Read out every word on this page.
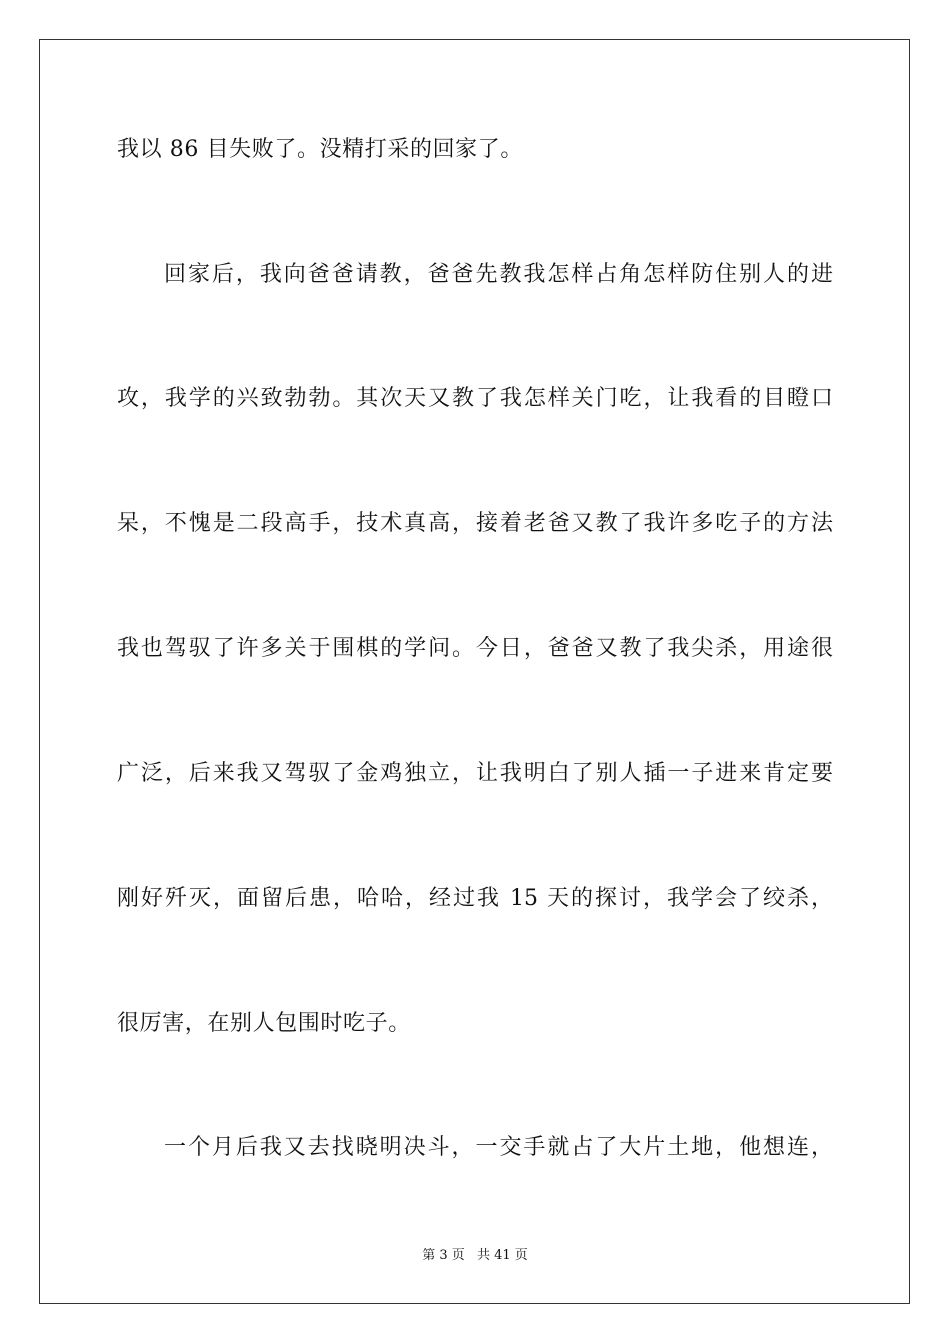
我以 86 目失败了。没精打采的回家了。
回家后，我向爸爸请教，爸爸先教我怎样占角怎样防住别人的进
攻，我学的兴致勃勃。其次天又教了我怎样关门吃，让我看的目瞪口
呆，不愧是二段高手，技术真高，接着老爸又教了我许多吃子的方法
我也驾驭了许多关于围棋的学问。今日，爸爸又教了我尖杀，用途很
广泛，后来我又驾驭了金鸡独立，让我明白了别人插一子进来肯定要
刚好歼灭，面留后患，哈哈，经过我 15 天的探讨，我学会了绞杀，
很厉害，在别人包围时吃子。
一个月后我又去找晓明决斗，一交手就占了大片土地，他想连，
第 3 页 共 41 页
